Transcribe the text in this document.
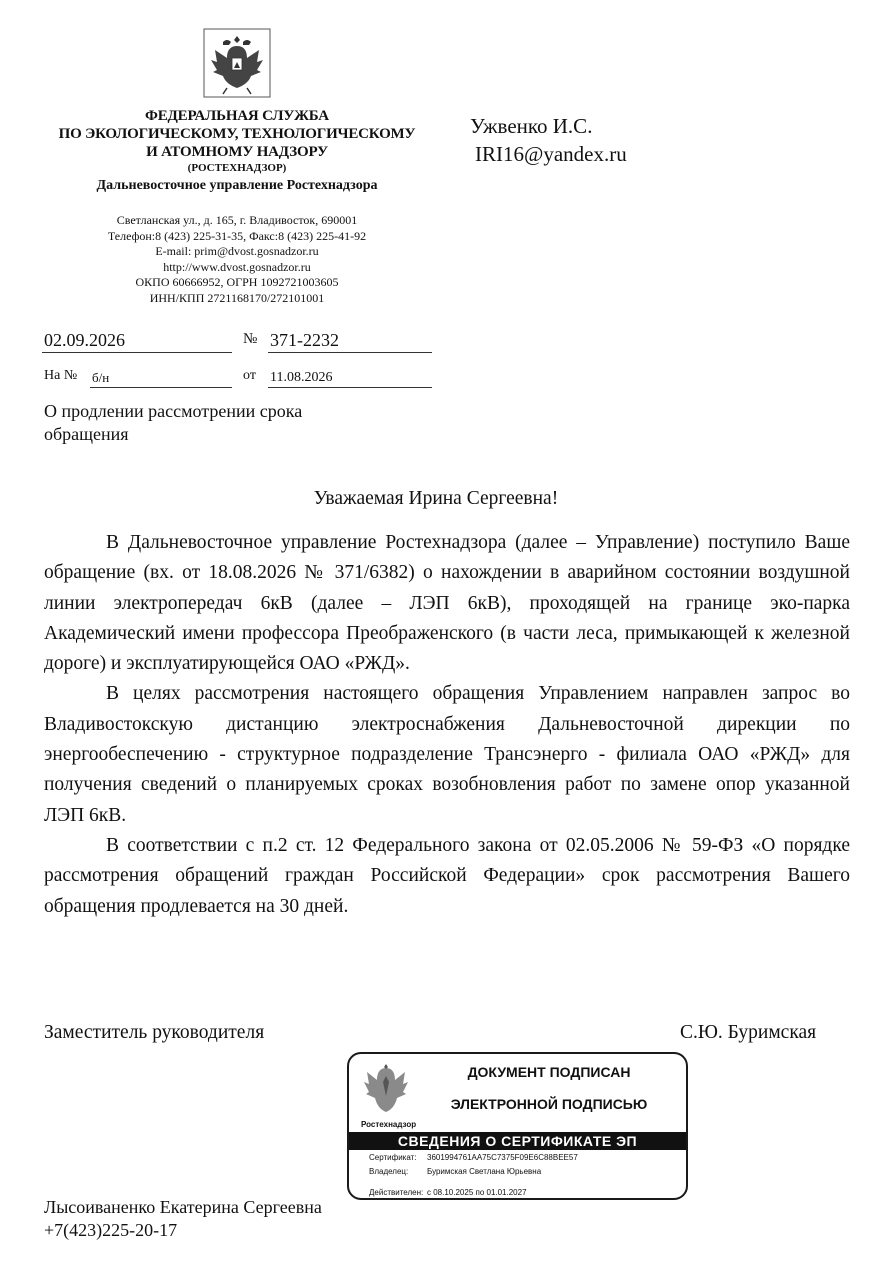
ФЕДЕРАЛЬНАЯ СЛУЖБА
ПО ЭКОЛОГИЧЕСКОМУ, ТЕХНОЛОГИЧЕСКОМУ
И АТОМНОМУ НАДЗОРУ
(РОСТЕХНАДЗОР)
Дальневосточное управление Ростехнадзора
Светланская ул., д. 165, г. Владивосток, 690001
Телефон:8 (423) 225-31-35, Факс:8 (423) 225-41-92
E-mail: prim@dvost.gosnadzor.ru
http://www.dvost.gosnadzor.ru
ОКПО 60666952, ОГРН 1092721003605
ИНН/КПП 2721168170/272101001
Ужвенко И.С.
IRI16@yandex.ru
02.09.2026	№ 371-2232
На № б/н	от 11.08.2026
О продлении рассмотрении срока обращения
Уважаемая Ирина Сергеевна!

В Дальневосточное управление Ростехнадзора (далее – Управление) поступило Ваше обращение (вх. от 18.08.2026 № 371/6382) о нахождении в аварийном состоянии воздушной линии электропередач 6кВ (далее – ЛЭП 6кВ), проходящей на границе эко-парка Академический имени профессора Преображенского (в части леса, примыкающей к железной дороге) и эксплуатирующейся ОАО «РЖД».

В целях рассмотрения настоящего обращения Управлением направлен запрос во Владивостокскую дистанцию электроснабжения Дальневосточной дирекции по энергообеспечению - структурное подразделение Трансэнерго - филиала ОАО «РЖД» для получения сведений о планируемых сроках возобновления работ по замене опор указанной ЛЭП 6кВ.

В соответствии с п.2 ст. 12 Федерального закона от 02.05.2006 № 59-ФЗ «О порядке рассмотрения обращений граждан Российской Федерации» срок рассмотрения Вашего обращения продлевается на 30 дней.

Заместитель руководителя	С.Ю. Буримская
Ростехнадзор
ДОКУМЕНТ ПОДПИСАН
ЭЛЕКТРОННОЙ ПОДПИСЬЮ
СВЕДЕНИЯ О СЕРТИФИКАТЕ ЭП
Сертификат: 3601994761AA75C7375F09E6C88BEE57
Владелец: Буримская Светлана Юрьевна
Действителен: с 08.10.2025 по 01.01.2027
Лысоиваненко Екатерина Сергеевна
+7(423)225-20-17
